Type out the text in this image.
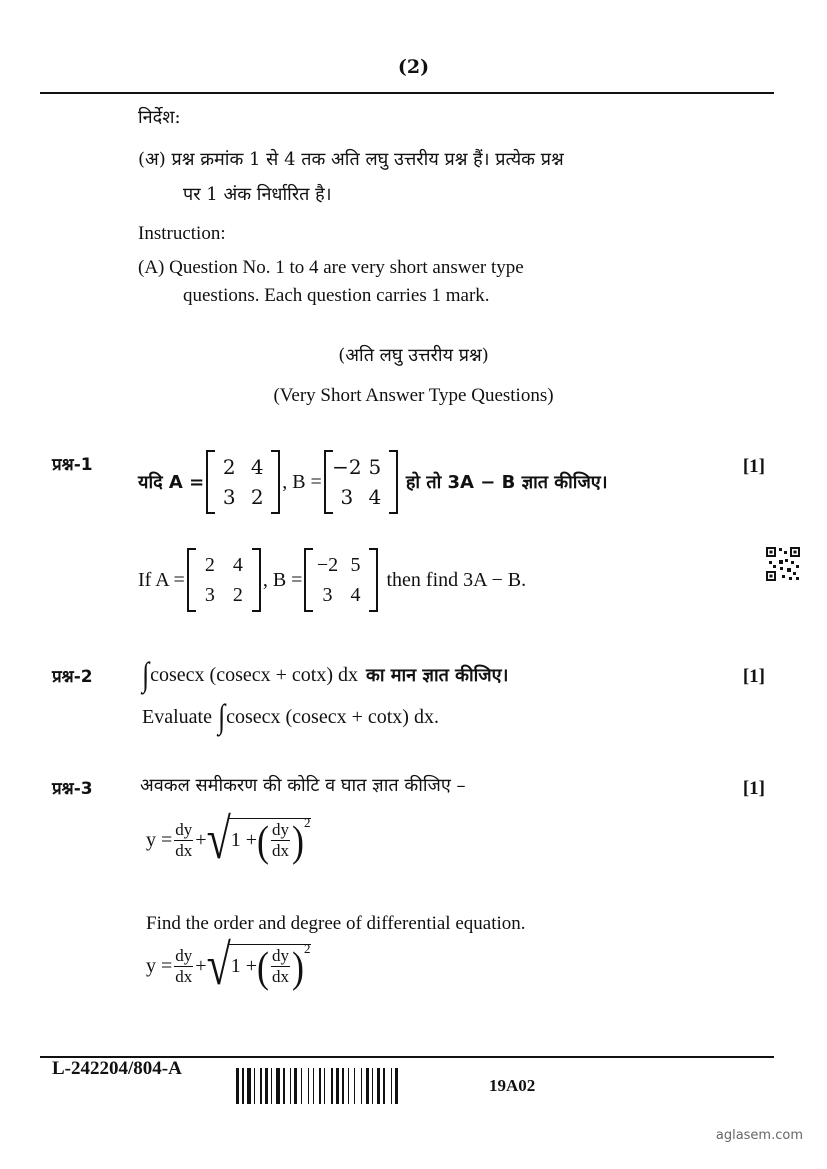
(2)
निर्देश:
(अ) प्रश्न क्रमांक 1 से 4 तक अति लघु उत्तरीय प्रश्न हैं। प्रत्येक प्रश्न
पर 1 अंक निर्धारित है।
Instruction:
(A) Question No. 1 to 4 are very short answer type
questions. Each question carries 1 mark.
(अति लघु उत्तरीय प्रश्न)
(Very Short Answer Type Questions)
प्रश्न-1	[1]
यदि A =
2 4
3 2
, B =
−2 5
3 4
हो तो 3A − B ज्ञात कीजिए।
If A =
2 4
3 2
, B =
−2 5
3 4
then find 3A − B.
प्रश्न-2	[1]
∫ cosecx (cosecx + cotx) dx का मान ज्ञात कीजिए।
Evaluate ∫ cosecx (cosecx + cotx) dx .
प्रश्न-3	[1]
अवकल समीकरण की कोटि व घात ज्ञात कीजिए –
$y = \frac{dy}{dx}$ + √ 1 + ( $\frac{dy}{dx}$ ) 2
Find the order and degree of differential equation.
$y = \frac{dy}{dx}$ + √ 1 + ( $\frac{dy}{dx}$ ) 2
L-242204/804-A
19A02
aglasem.com
